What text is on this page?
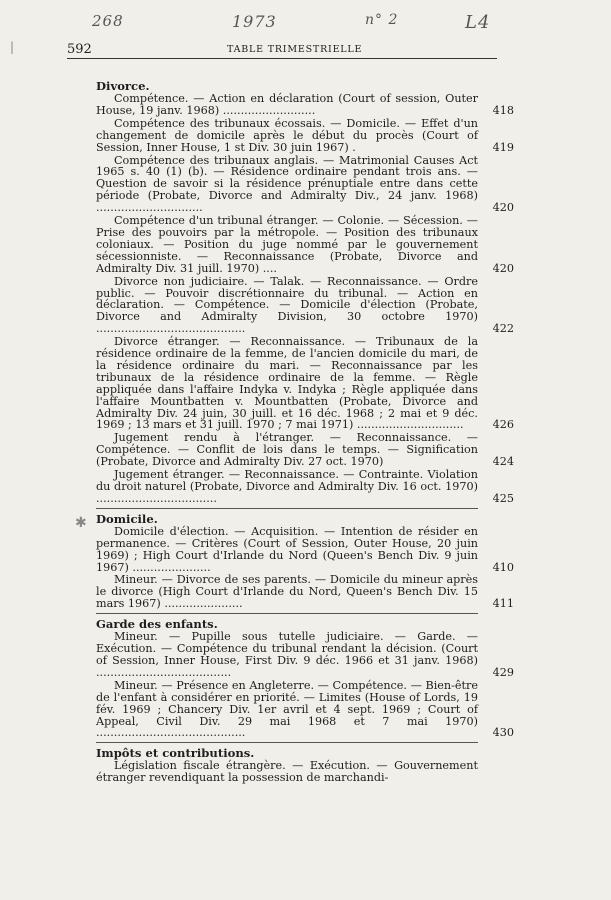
268	1973	n° 2	L4
592	TABLE TRIMESTRIELLE
|
✱

Divorce.

Compétence. — Action en déclaration (Court of session, Outer House, 19 janv. 1968) ..........................	418

Compétence des tribunaux écossais. — Domicile. — Effet d'un changement de domicile après le début du procès (Court of Session, Inner House, 1 st Div. 30 juin 1967) .	419

Compétence des tribunaux anglais. — Matrimonial Causes Act 1965 s. 40 (1) (b). — Résidence ordinaire pendant trois ans. — Question de savoir si la résidence prénuptiale entre dans cette période (Probate, Divorce and Admiralty Div., 24 janv. 1968) ..............................	420

Compétence d'un tribunal étranger. — Colonie. — Sécession. — Prise des pouvoirs par la métropole. — Position des tribunaux coloniaux. — Position du juge nommé par le gouvernement sécessionniste. — Reconnaissance (Probate, Divorce and Admiralty Div. 31 juill. 1970) ....	420

Divorce non judiciaire. — Talak. — Reconnaissance. — Ordre public. — Pouvoir discrétionnaire du tribunal. — Action en déclaration. — Compétence. — Domicile d'élection (Probate, Divorce and Admiralty Division, 30 octobre 1970) ..........................................	422

Divorce étranger. — Reconnaissance. — Tribunaux de la résidence ordinaire de la femme, de l'ancien domicile du mari, de la résidence ordinaire du mari. — Reconnaissance par les tribunaux de la résidence ordinaire de la femme. — Règle appliquée dans l'affaire Indyka v. Indyka ; Règle appliquée dans l'affaire Mountbatten v. Mountbatten (Probate, Divorce and Admiralty Div. 24 juin, 30 juill. et 16 déc. 1968 ; 2 mai et 9 déc. 1969 ; 13 mars et 31 juill. 1970 ; 7 mai 1971) ..............................	426

Jugement rendu à l'étranger. — Reconnaissance. — Compétence. — Conflit de lois dans le temps. — Signification (Probate, Divorce and Admiralty Div. 27 oct. 1970)	424

Jugement étranger. — Reconnaissance. — Contrainte. Violation du droit naturel (Probate, Divorce and Admiralty Div. 16 oct. 1970) ..................................	425

Domicile.

Domicile d'élection. — Acquisition. — Intention de résider en permanence. — Critères (Court of Session, Outer House, 20 juin 1969) ; High Court d'Irlande du Nord (Queen's Bench Div. 9 juin 1967) ......................	410

Mineur. — Divorce de ses parents. — Domicile du mineur après le divorce (High Court d'Irlande du Nord, Queen's Bench Div. 15 mars 1967) ......................	411

Garde des enfants.

Mineur. — Pupille sous tutelle judiciaire. — Garde. — Exécution. — Compétence du tribunal rendant la décision. (Court of Session, Inner House, First Div. 9 déc. 1966 et 31 janv. 1968) ......................................	429

Mineur. — Présence en Angleterre. — Compétence. — Bien-être de l'enfant à considérer en priorité. — Limites (House of Lords, 19 fév. 1969 ; Chancery Div. 1er avril et 4 sept. 1969 ; Court of Appeal, Civil Div. 29 mai 1968 et 7 mai 1970) ..........................................	430

Impôts et contributions.

Législation fiscale étrangère. — Exécution. — Gouvernement étranger revendiquant la possession de marchandi-
